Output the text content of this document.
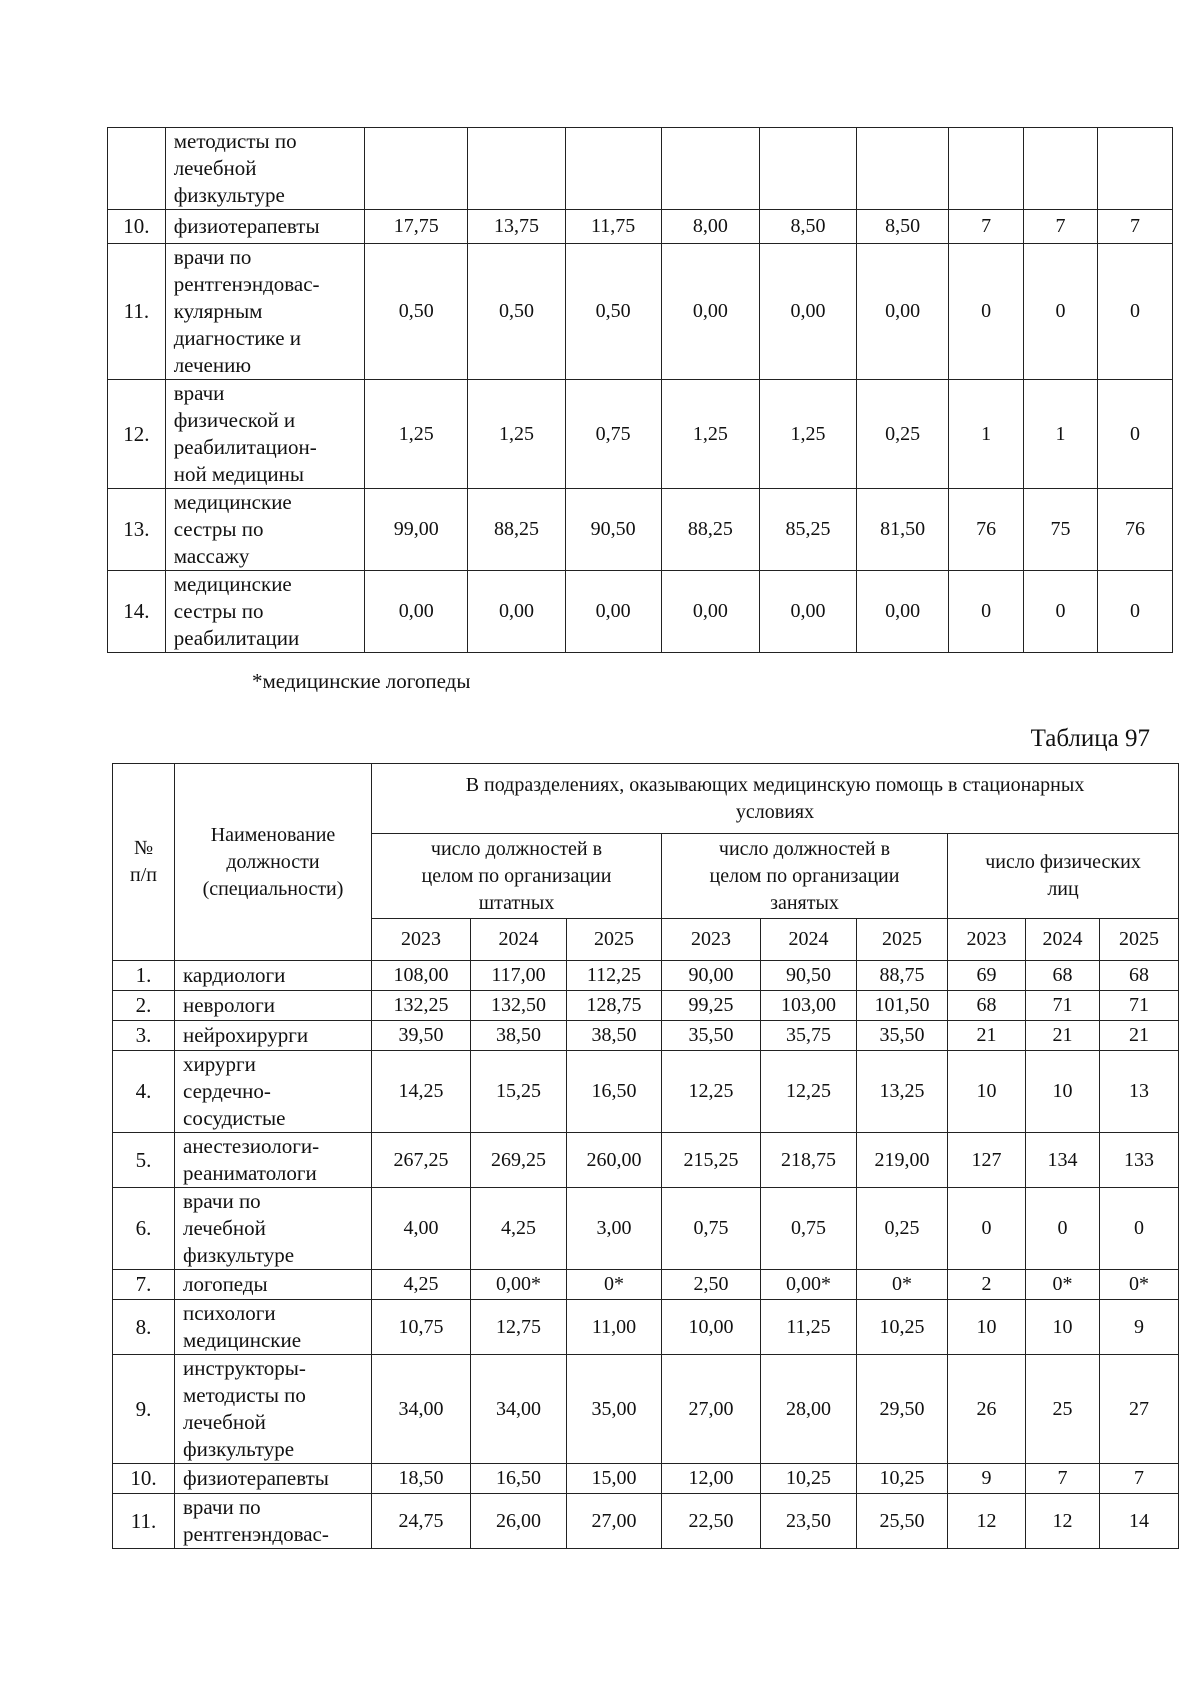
	методисты по
лечебной
физкультуре									
10.	физиотерапевты	17,75	13,75	11,75	8,00	8,50	8,50	7	7	7
11.	врачи по
рентгенэндовас-
кулярным
диагностике и
лечению	0,50	0,50	0,50	0,00	0,00	0,00	0	0	0
12.	врачи
физической и
реабилитацион-
ной медицины	1,25	1,25	0,75	1,25	1,25	0,25	1	1	0
13.	медицинские
сестры по
массажу	99,00	88,25	90,50	88,25	85,25	81,50	76	75	76
14.	медицинские
сестры по
реабилитации	0,00	0,00	0,00	0,00	0,00	0,00	0	0	0
*медицинские логопеды
Таблица 97
№
п/п	Наименование
должности
(специальности)	В подразделениях, оказывающих медицинскую помощь в стационарных
условиях								
		число должностей в
целом по организации
штатных			число должностей в
целом по организации
занятых			число физических
лиц		
		2023	2024	2025	2023	2024	2025	2023	2024	2025
1.	кардиологи	108,00	117,00	112,25	90,00	90,50	88,75	69	68	68
2.	неврологи	132,25	132,50	128,75	99,25	103,00	101,50	68	71	71
3.	нейрохирурги	39,50	38,50	38,50	35,50	35,75	35,50	21	21	21
4.	хирурги
сердечно-
сосудистые	14,25	15,25	16,50	12,25	12,25	13,25	10	10	13
5.	анестезиологи-
реаниматологи	267,25	269,25	260,00	215,25	218,75	219,00	127	134	133
6.	врачи по
лечебной
физкультуре	4,00	4,25	3,00	0,75	0,75	0,25	0	0	0
7.	логопеды	4,25	0,00*	0*	2,50	0,00*	0*	2	0*	0*
8.	психологи
медицинские	10,75	12,75	11,00	10,00	11,25	10,25	10	10	9
9.	инструкторы-
методисты по
лечебной
физкультуре	34,00	34,00	35,00	27,00	28,00	29,50	26	25	27
10.	физиотерапевты	18,50	16,50	15,00	12,00	10,25	10,25	9	7	7
11.	врачи по
рентгенэндовас-	24,75	26,00	27,00	22,50	23,50	25,50	12	12	14
